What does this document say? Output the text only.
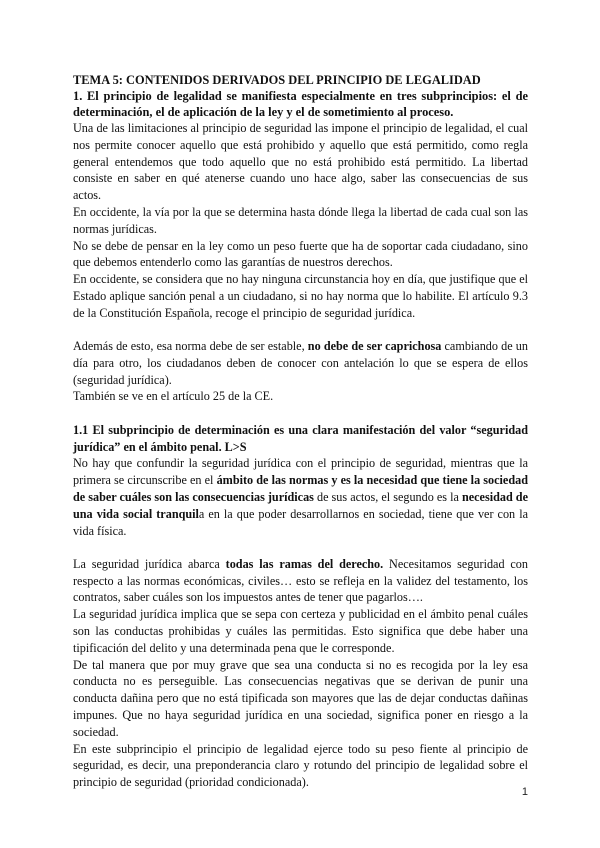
TEMA 5: CONTENIDOS DERIVADOS DEL PRINCIPIO DE LEGALIDAD
1. El principio de legalidad se manifiesta especialmente en tres subprincipios: el de determinación, el de aplicación de la ley y el de sometimiento al proceso.

Una de las limitaciones al principio de seguridad las impone el principio de legalidad, el cual nos permite conocer aquello que está prohibido y aquello que está permitido, como regla general entendemos que todo aquello que no está prohibido está permitido. La libertad consiste en saber en qué atenerse cuando uno hace algo, saber las consecuencias de sus actos.

En occidente, la vía por la que se determina hasta dónde llega la libertad de cada cual son las normas jurídicas.

No se debe de pensar en la ley como un peso fuerte que ha de soportar cada ciudadano, sino que debemos entenderlo como las garantías de nuestros derechos.

En occidente, se considera que no hay ninguna circunstancia hoy en día, que justifique que el Estado aplique sanción penal a un ciudadano, si no hay norma que lo habilite. El artículo 9.3 de la Constitución Española, recoge el principio de seguridad jurídica.

Además de esto, esa norma debe de ser estable, no debe de ser caprichosa cambiando de un día para otro, los ciudadanos deben de conocer con antelación lo que se espera de ellos (seguridad jurídica).

También se ve en el artículo 25 de la CE.

1.1 El subprincipio de determinación es una clara manifestación del valor “seguridad jurídica” en el ámbito penal. L>S

No hay que confundir la seguridad jurídica con el principio de seguridad, mientras que la primera se circunscribe en el ámbito de las normas y es la necesidad que tiene la sociedad de saber cuáles son las consecuencias jurídicas de sus actos, el segundo es la necesidad de una vida social tranquila en la que poder desarrollarnos en sociedad, tiene que ver con la vida física.

La seguridad jurídica abarca todas las ramas del derecho. Necesitamos seguridad con respecto a las normas económicas, civiles… esto se refleja en la validez del testamento, los contratos, saber cuáles son los impuestos antes de tener que pagarlos….

La seguridad jurídica implica que se sepa con certeza y publicidad en el ámbito penal cuáles son las conductas prohibidas y cuáles las permitidas. Esto significa que debe haber una tipificación del delito y una determinada pena que le corresponde.

De tal manera que por muy grave que sea una conducta si no es recogida por la ley esa conducta no es perseguible. Las consecuencias negativas que se derivan de punir una conducta dañina pero que no está tipificada son mayores que las de dejar conductas dañinas impunes. Que no haya seguridad jurídica en una sociedad, significa poner en riesgo a la sociedad.

En este subprincipio el principio de legalidad ejerce todo su peso fiente al principio de seguridad, es decir, una preponderancia claro y rotundo del principio de legalidad sobre el principio de seguridad (prioridad condicionada).

1
